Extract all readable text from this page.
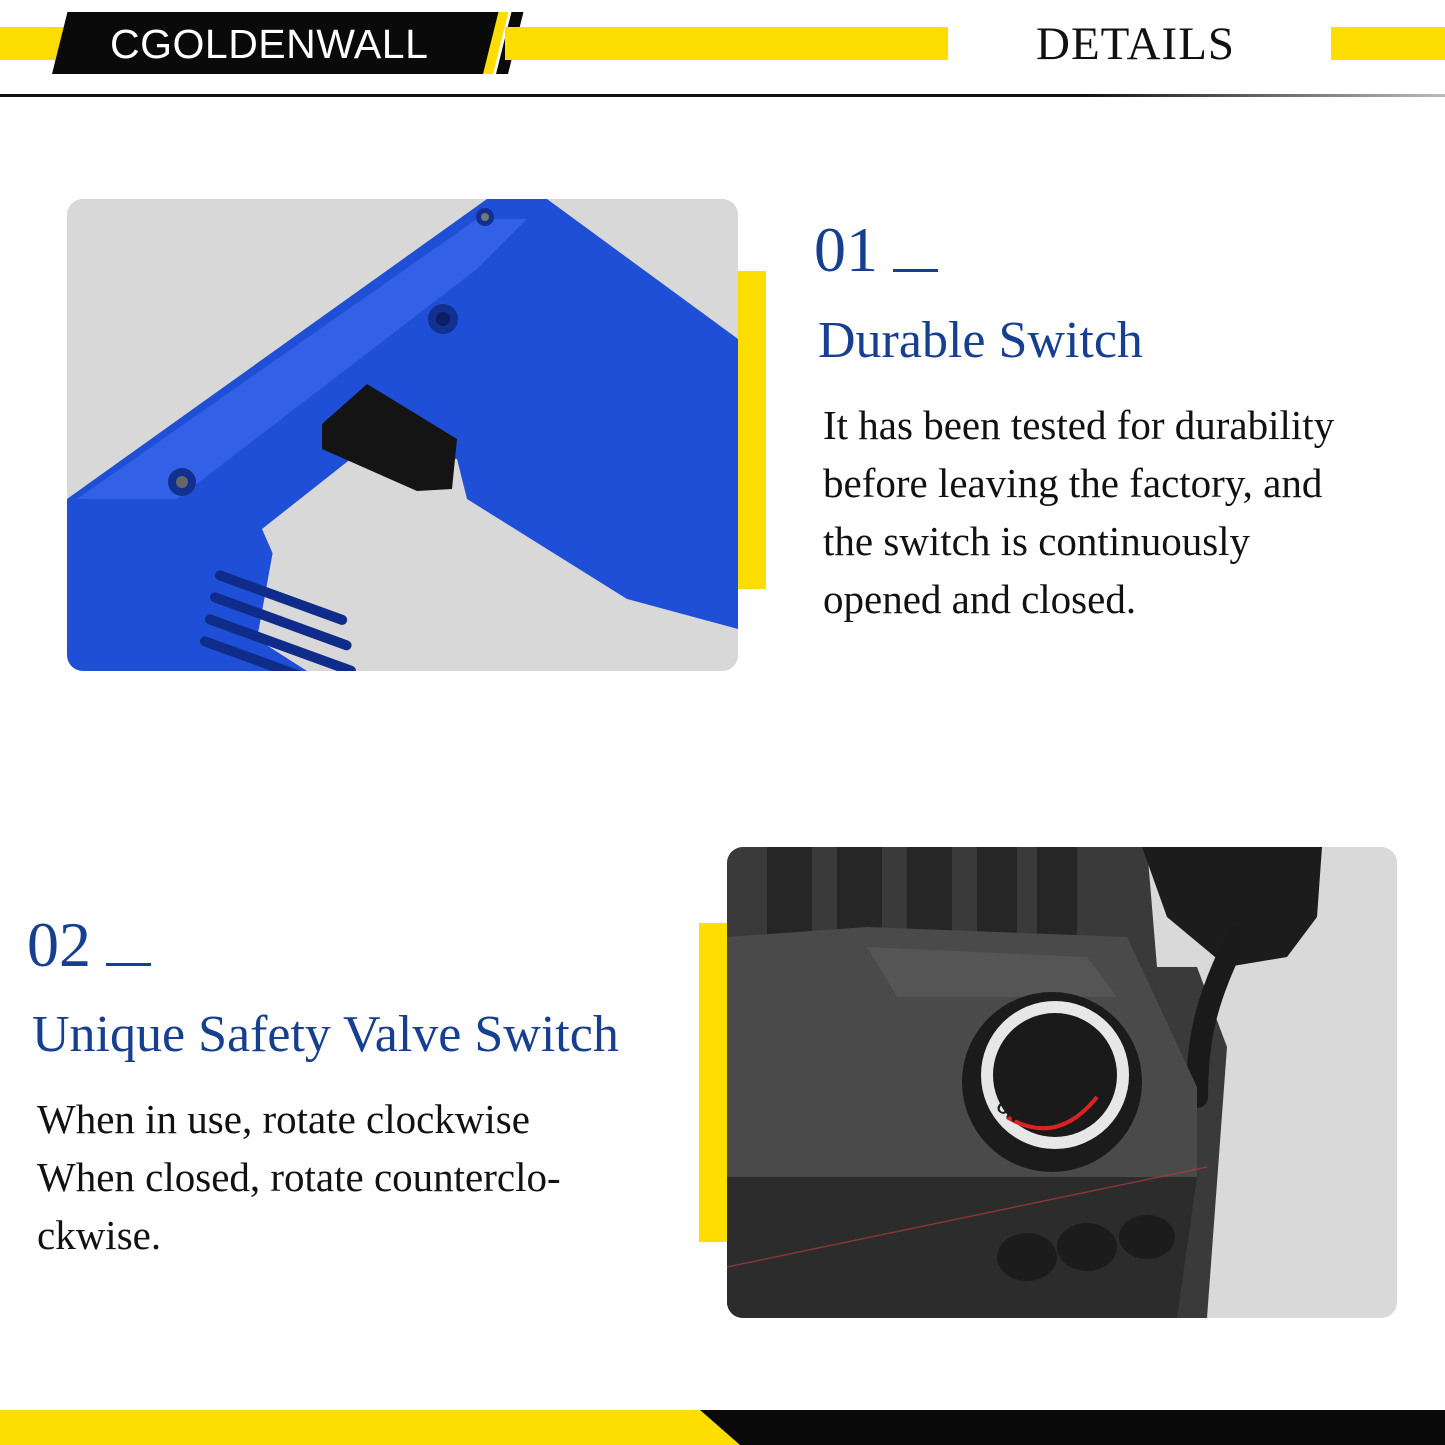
CGOLDENWALL	DETAILS
01
Durable Switch
It has been tested for durability
before leaving the factory, and
the switch is continuously
opened and closed.
02
Unique Safety Valve Switch
When in use, rotate clockwise
When closed, rotate counterclo-
ckwise.
OFF
ON
